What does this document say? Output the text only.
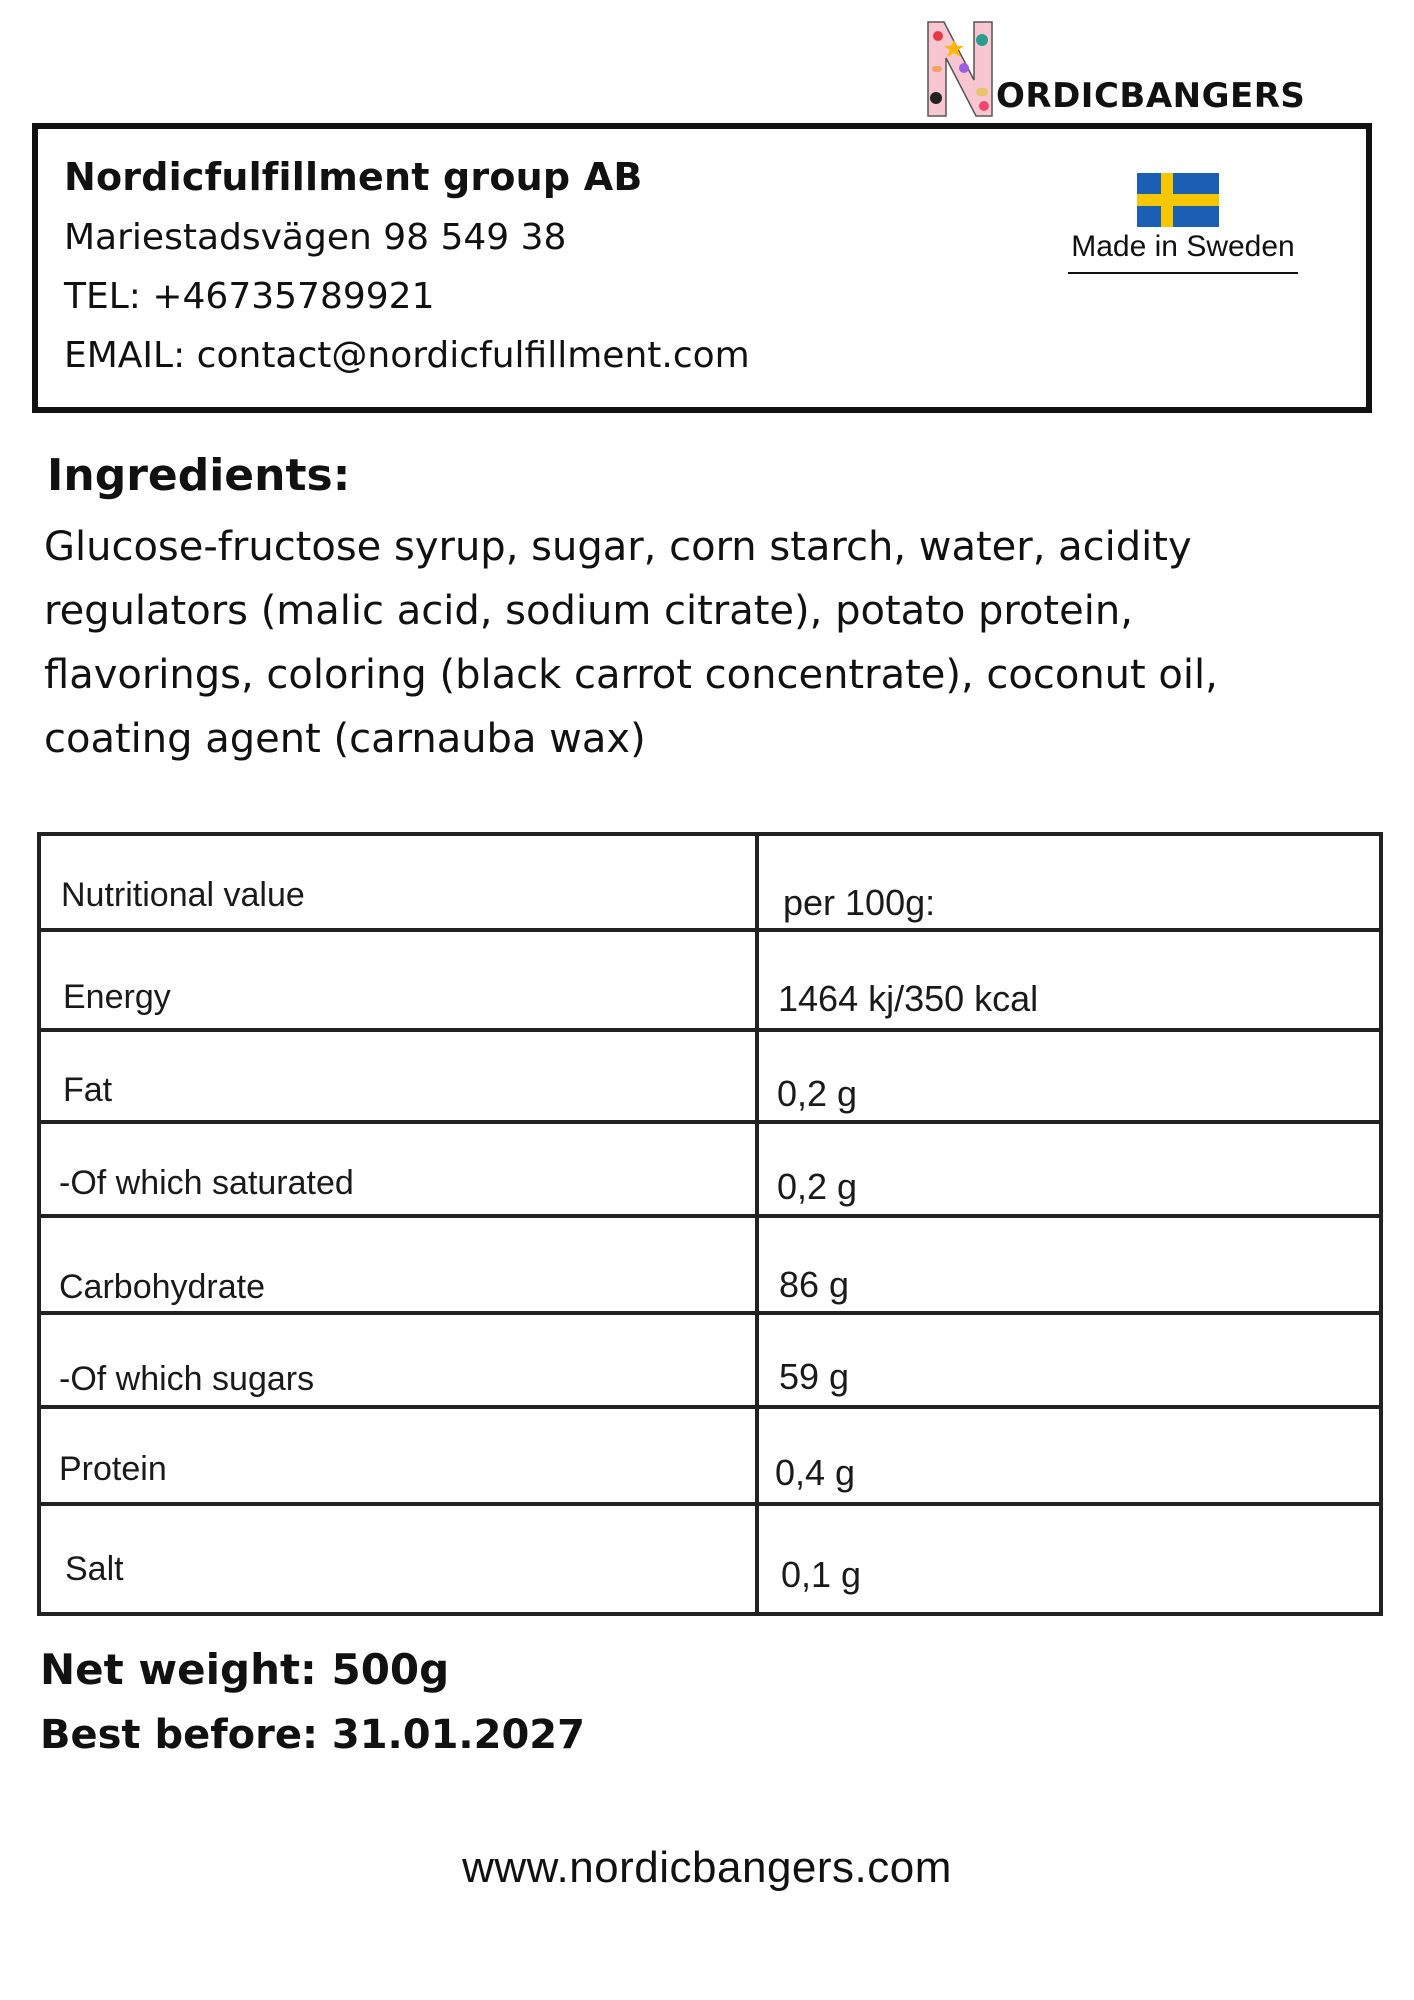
Nordicfulfillment group AB
Mariestadsvägen 98 549 38
TEL: +46735789921
EMAIL: contact@nordicfulfillment.com
ORDICBANGERS
Made in Sweden
Ingredients:
Glucose-fructose syrup, sugar, corn starch, water, acidity regulators (malic acid, sodium citrate), potato protein, flavorings, coloring (black carrot concentrate), coconut oil, coating agent (carnauba wax)
Nutritional value	per 100g:
Energy	1464 kj/350 kcal
Fat	0,2 g
-Of which saturated	0,2 g
Carbohydrate	86 g
-Of which sugars	59 g
Protein	0,4 g
Salt	0,1 g
Net weight: 500g
Best before: 31.01.2027
www.nordicbangers.com
